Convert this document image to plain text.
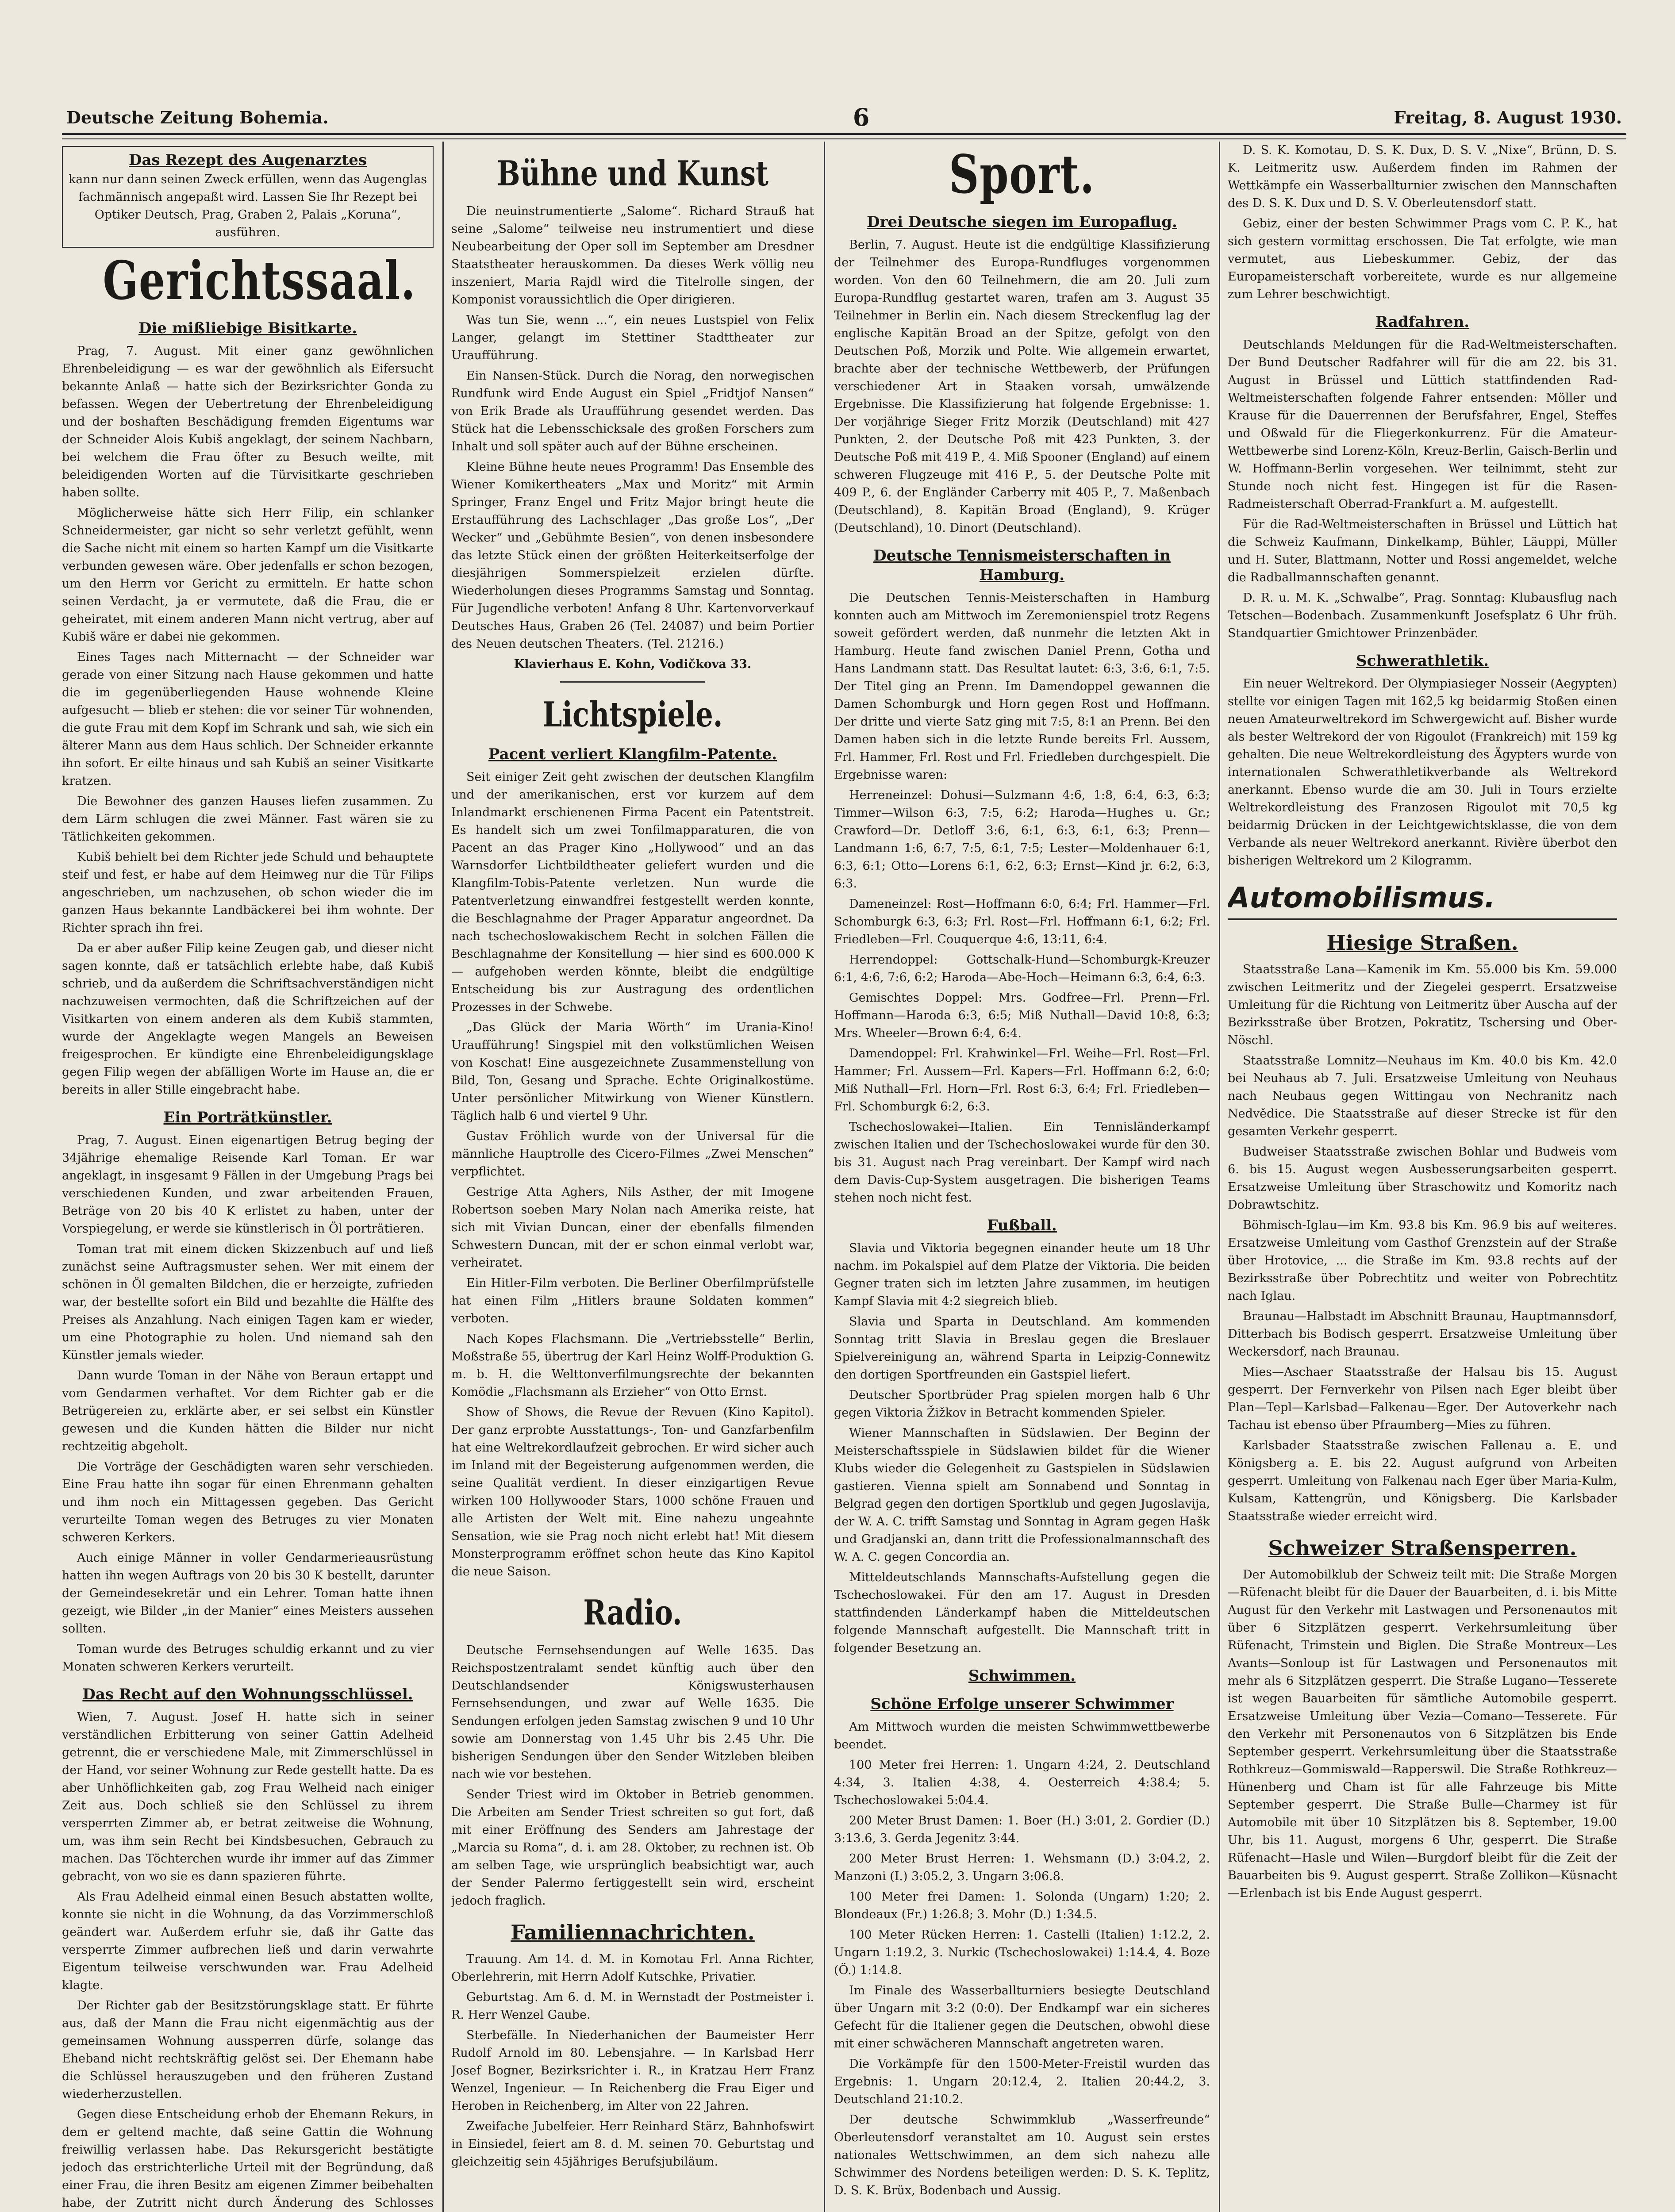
Deutsche Zeitung Bohemia.	6	Freitag, 8. August 1930.
Das Rezept des Augenarztes

kann nur dann seinen Zweck erfüllen, wenn das Augenglas fachmännisch angepaßt wird. Lassen Sie Ihr Rezept bei Optiker Deutsch, Prag, Graben 2, Palais „Koruna“, ausführen.

Gerichtssaal.
Die mißliebige Bisitkarte.

Prag, 7. August. Mit einer ganz gewöhnlichen Ehrenbeleidigung — es war der gewöhnlich als Eifersucht bekannte Anlaß — hatte sich der Bezirksrichter Gonda zu befassen. Wegen der Uebertretung der Ehrenbeleidigung und der boshaften Beschädigung fremden Eigentums war der Schneider Alois Kubiš angeklagt, der seinem Nachbarn, bei welchem die Frau öfter zu Besuch weilte, mit beleidigenden Worten auf die Türvisitkarte geschrieben haben sollte.

Möglicherweise hätte sich Herr Filip, ein schlanker Schneidermeister, gar nicht so sehr verletzt gefühlt, wenn die Sache nicht mit einem so harten Kampf um die Visitkarte verbunden gewesen wäre. Ober jedenfalls er schon bezogen, um den Herrn vor Gericht zu ermitteln. Er hatte schon seinen Verdacht, ja er vermutete, daß die Frau, die er geheiratet, mit einem anderen Mann nicht vertrug, aber auf Kubiš wäre er dabei nie gekommen.

Eines Tages nach Mitternacht — der Schneider war gerade von einer Sitzung nach Hause gekommen und hatte die im gegenüberliegenden Hause wohnende Kleine aufgesucht — blieb er stehen: die vor seiner Tür wohnenden, die gute Frau mit dem Kopf im Schrank und sah, wie sich ein älterer Mann aus dem Haus schlich. Der Schneider erkannte ihn sofort. Er eilte hinaus und sah Kubiš an seiner Visitkarte kratzen.

Die Bewohner des ganzen Hauses liefen zusammen. Zu dem Lärm schlugen die zwei Männer. Fast wären sie zu Tätlichkeiten gekommen.

Kubiš behielt bei dem Richter jede Schuld und behauptete steif und fest, er habe auf dem Heimweg nur die Tür Filips angeschrieben, um nachzusehen, ob schon wieder die im ganzen Haus bekannte Landbäckerei bei ihm wohnte. Der Richter sprach ihn frei.

Da er aber außer Filip keine Zeugen gab, und dieser nicht sagen konnte, daß er tatsächlich erlebte habe, daß Kubiš schrieb, und da außerdem die Schriftsachverständigen nicht nachzuweisen vermochten, daß die Schriftzeichen auf der Visitkarten von einem anderen als dem Kubiš stammten, wurde der Angeklagte wegen Mangels an Beweisen freigesprochen. Er kündigte eine Ehrenbeleidigungsklage gegen Filip wegen der abfälligen Worte im Hause an, die er bereits in aller Stille eingebracht habe.

Ein Porträtkünstler.

Prag, 7. August. Einen eigenartigen Betrug beging der 34jährige ehemalige Reisende Karl Toman. Er war angeklagt, in insgesamt 9 Fällen in der Umgebung Prags bei verschiedenen Kunden, und zwar arbeitenden Frauen, Beträge von 20 bis 40 K erlistet zu haben, unter der Vorspiegelung, er werde sie künstlerisch in Öl porträtieren.

Toman trat mit einem dicken Skizzenbuch auf und ließ zunächst seine Auftragsmuster sehen. Wer mit einem der schönen in Öl gemalten Bildchen, die er herzeigte, zufrieden war, der bestellte sofort ein Bild und bezahlte die Hälfte des Preises als Anzahlung. Nach einigen Tagen kam er wieder, um eine Photographie zu holen. Und niemand sah den Künstler jemals wieder.

Dann wurde Toman in der Nähe von Beraun ertappt und vom Gendarmen verhaftet. Vor dem Richter gab er die Betrügereien zu, erklärte aber, er sei selbst ein Künstler gewesen und die Kunden hätten die Bilder nur nicht rechtzeitig abgeholt.

Die Vorträge der Geschädigten waren sehr verschieden. Eine Frau hatte ihn sogar für einen Ehrenmann gehalten und ihm noch ein Mittagessen gegeben. Das Gericht verurteilte Toman wegen des Betruges zu vier Monaten schweren Kerkers.

Auch einige Männer in voller Gendarmerieausrüstung hatten ihn wegen Auftrags von 20 bis 30 K bestellt, darunter der Gemeindesekretär und ein Lehrer. Toman hatte ihnen gezeigt, wie Bilder „in der Manier“ eines Meisters aussehen sollten.

Toman wurde des Betruges schuldig erkannt und zu vier Monaten schweren Kerkers verurteilt.

Das Recht auf den Wohnungsschlüssel.

Wien, 7. August. Josef H. hatte sich in seiner verständlichen Erbitterung von seiner Gattin Adelheid getrennt, die er verschiedene Male, mit Zimmerschlüssel in der Hand, vor seiner Wohnung zur Rede gestellt hatte. Da es aber Unhöflichkeiten gab, zog Frau Welheid nach einiger Zeit aus. Doch schließ sie den Schlüssel zu ihrem versperrten Zimmer ab, er betrat zeitweise die Wohnung, um, was ihm sein Recht bei Kindsbesuchen, Gebrauch zu machen. Das Töchterchen wurde ihr immer auf das Zimmer gebracht, von wo sie es dann spazieren führte.

Als Frau Adelheid einmal einen Besuch abstatten wollte, konnte sie nicht in die Wohnung, da das Vorzimmerschloß geändert war. Außerdem erfuhr sie, daß ihr Gatte das versperrte Zimmer aufbrechen ließ und darin verwahrte Eigentum teilweise verschwunden war. Frau Adelheid klagte.

Der Richter gab der Besitzstörungsklage statt. Er führte aus, daß der Mann die Frau nicht eigenmächtig aus der gemeinsamen Wohnung aussperren dürfe, solange das Eheband nicht rechtskräftig gelöst sei. Der Ehemann habe die Schlüssel herauszugeben und den früheren Zustand wiederherzustellen.

Gegen diese Entscheidung erhob der Ehemann Rekurs, in dem er geltend machte, daß seine Gattin die Wohnung freiwillig verlassen habe. Das Rekursgericht bestätigte jedoch das erstrichterliche Urteil mit der Begründung, daß einer Frau, die ihren Besitz am eigenen Zimmer beibehalten habe, der Zutritt nicht durch Änderung des Schlosses

Bühne und Kunst

Die neuinstrumentierte „Salome“. Richard Strauß hat seine „Salome“ teilweise neu instrumentiert und diese Neubearbeitung der Oper soll im September am Dresdner Staatstheater herauskommen. Da dieses Werk völlig neu inszeniert, Maria Rajdl wird die Titelrolle singen, der Komponist voraussichtlich die Oper dirigieren.

Was tun Sie, wenn ...“, ein neues Lustspiel von Felix Langer, gelangt im Stettiner Stadttheater zur Uraufführung.

Ein Nansen-Stück. Durch die Norag, den norwegischen Rundfunk wird Ende August ein Spiel „Fridtjof Nansen“ von Erik Brade als Uraufführung gesendet werden. Das Stück hat die Lebensschicksale des großen Forschers zum Inhalt und soll später auch auf der Bühne erscheinen.

Kleine Bühne heute neues Programm! Das Ensemble des Wiener Komikertheaters „Max und Moritz“ mit Armin Springer, Franz Engel und Fritz Major bringt heute die Erstaufführung des Lachschlager „Das große Los“, „Der Wecker“ und „Gebühmte Besien“, von denen insbesondere das letzte Stück einen der größten Heiterkeitserfolge der diesjährigen Sommerspielzeit erzielen dürfte. Wiederholungen dieses Programms Samstag und Sonntag. Für Jugendliche verboten! Anfang 8 Uhr. Kartenvorverkauf Deutsches Haus, Graben 26 (Tel. 24087) und beim Portier des Neuen deutschen Theaters. (Tel. 21216.)

Klavierhaus E. Kohn, Vodičkova 33.

Lichtspiele.
Pacent verliert Klangfilm-Patente.

Seit einiger Zeit geht zwischen der deutschen Klangfilm und der amerikanischen, erst vor kurzem auf dem Inlandmarkt erschienenen Firma Pacent ein Patentstreit. Es handelt sich um zwei Tonfilmapparaturen, die von Pacent an das Prager Kino „Hollywood“ und an das Warnsdorfer Lichtbildtheater geliefert wurden und die Klangfilm-Tobis-Patente verletzen. Nun wurde die Patentverletzung einwandfrei festgestellt werden konnte, die Beschlagnahme der Prager Apparatur angeordnet. Da nach tschechoslowakischem Recht in solchen Fällen die Beschlagnahme der Konsitellung — hier sind es 600.000 K — aufgehoben werden könnte, bleibt die endgültige Entscheidung bis zur Austragung des ordentlichen Prozesses in der Schwebe.

„Das Glück der Maria Wörth“ im Urania-Kino! Uraufführung! Singspiel mit den volkstümlichen Weisen von Koschat! Eine ausgezeichnete Zusammenstellung von Bild, Ton, Gesang und Sprache. Echte Originalkostüme. Unter persönlicher Mitwirkung von Wiener Künstlern. Täglich halb 6 und viertel 9 Uhr.

Gustav Fröhlich wurde von der Universal für die männliche Hauptrolle des Cicero-Filmes „Zwei Menschen“ verpflichtet.

Gestrige Atta Aghers, Nils Asther, der mit Imogene Robertson soeben Mary Nolan nach Amerika reiste, hat sich mit Vivian Duncan, einer der ebenfalls filmenden Schwestern Duncan, mit der er schon einmal verlobt war, verheiratet.

Ein Hitler-Film verboten. Die Berliner Oberfilmprüfstelle hat einen Film „Hitlers braune Soldaten kommen“ verboten.

Nach Kopes Flachsmann. Die „Vertriebsstelle“ Berlin, Moßstraße 55, übertrug der Karl Heinz Wolff-Produktion G. m. b. H. die Welttonverfilmungsrechte der bekannten Komödie „Flachsmann als Erzieher“ von Otto Ernst.

Show of Shows, die Revue der Revuen (Kino Kapitol). Der ganz erprobte Ausstattungs-, Ton- und Ganzfarbenfilm hat eine Weltrekordlaufzeit gebrochen. Er wird sicher auch im Inland mit der Begeisterung aufgenommen werden, die seine Qualität verdient. In dieser einzigartigen Revue wirken 100 Hollywooder Stars, 1000 schöne Frauen und alle Artisten der Welt mit. Eine nahezu ungeahnte Sensation, wie sie Prag noch nicht erlebt hat! Mit diesem Monsterprogramm eröffnet schon heute das Kino Kapitol die neue Saison.

Radio.

Deutsche Fernsehsendungen auf Welle 1635. Das Reichspostzentralamt sendet künftig auch über den Deutschlandsender Königswusterhausen Fernsehsendungen, und zwar auf Welle 1635. Die Sendungen erfolgen jeden Samstag zwischen 9 und 10 Uhr sowie am Donnerstag von 1.45 Uhr bis 2.45 Uhr. Die bisherigen Sendungen über den Sender Witzleben bleiben nach wie vor bestehen.

Sender Triest wird im Oktober in Betrieb genommen. Die Arbeiten am Sender Triest schreiten so gut fort, daß mit einer Eröffnung des Senders am Jahrestage der „Marcia su Roma“, d. i. am 28. Oktober, zu rechnen ist. Ob am selben Tage, wie ursprünglich beabsichtigt war, auch der Sender Palermo fertiggestellt sein wird, erscheint jedoch fraglich.

Familiennachrichten.

Trauung. Am 14. d. M. in Komotau Frl. Anna Richter, Oberlehrerin, mit Herrn Adolf Kutschke, Privatier.

Geburtstag. Am 6. d. M. in Wernstadt der Postmeister i. R. Herr Wenzel Gaube.

Sterbefälle. In Niederhanichen der Baumeister Herr Rudolf Arnold im 80. Lebensjahre. — In Karlsbad Herr Josef Bogner, Bezirksrichter i. R., in Kratzau Herr Franz Wenzel, Ingenieur. — In Reichenberg die Frau Eiger und Heroben in Reichenberg, im Alter von 22 Jahren.

Zweifache Jubelfeier. Herr Reinhard Stärz, Bahnhofswirt in Einsiedel, feiert am 8. d. M. seinen 70. Geburtstag und gleichzeitig sein 45jähriges Berufsjubiläum.

Sport.
Drei Deutsche siegen im Europaflug.

Berlin, 7. August. Heute ist die endgültige Klassifizierung der Teilnehmer des Europa-Rundfluges vorgenommen worden. Von den 60 Teilnehmern, die am 20. Juli zum Europa-Rundflug gestartet waren, trafen am 3. August 35 Teilnehmer in Berlin ein. Nach diesem Streckenflug lag der englische Kapitän Broad an der Spitze, gefolgt von den Deutschen Poß, Morzik und Polte. Wie allgemein erwartet, brachte aber der technische Wettbewerb, der Prüfungen verschiedener Art in Staaken vorsah, umwälzende Ergebnisse. Die Klassifizierung hat folgende Ergebnisse: 1. Der vorjährige Sieger Fritz Morzik (Deutschland) mit 427 Punkten, 2. der Deutsche Poß mit 423 Punkten, 3. der Deutsche Poß mit 419 P., 4. Miß Spooner (England) auf einem schweren Flugzeuge mit 416 P., 5. der Deutsche Polte mit 409 P., 6. der Engländer Carberry mit 405 P., 7. Maßenbach (Deutschland), 8. Kapitän Broad (England), 9. Krüger (Deutschland), 10. Dinort (Deutschland).

Deutsche Tennismeisterschaften in Hamburg.

Die Deutschen Tennis-Meisterschaften in Hamburg konnten auch am Mittwoch im Zeremonienspiel trotz Regens soweit gefördert werden, daß nunmehr die letzten Akt in Hamburg. Heute fand zwischen Daniel Prenn, Gotha und Hans Landmann statt. Das Resultat lautet: 6:3, 3:6, 6:1, 7:5. Der Titel ging an Prenn. Im Damendoppel gewannen die Damen Schomburgk und Horn gegen Rost und Hoffmann. Der dritte und vierte Satz ging mit 7:5, 8:1 an Prenn. Bei den Damen haben sich in die letzte Runde bereits Frl. Aussem, Frl. Hammer, Frl. Rost und Frl. Friedleben durchgespielt. Die Ergebnisse waren:

Herreneinzel: Dohusi—Sulzmann 4:6, 1:8, 6:4, 6:3, 6:3; Timmer—Wilson 6:3, 7:5, 6:2; Haroda—Hughes u. Gr.; Crawford—Dr. Detloff 3:6, 6:1, 6:3, 6:1, 6:3; Prenn—Landmann 1:6, 6:7, 7:5, 6:1, 7:5; Lester—Moldenhauer 6:1, 6:3, 6:1; Otto—Lorens 6:1, 6:2, 6:3; Ernst—Kind jr. 6:2, 6:3, 6:3.

Dameneinzel: Rost—Hoffmann 6:0, 6:4; Frl. Hammer—Frl. Schomburgk 6:3, 6:3; Frl. Rost—Frl. Hoffmann 6:1, 6:2; Frl. Friedleben—Frl. Couquerque 4:6, 13:11, 6:4.

Herrendoppel: Gottschalk-Hund—Schomburgk-Kreuzer 6:1, 4:6, 7:6, 6:2; Haroda—Abe-Hoch—Heimann 6:3, 6:4, 6:3.

Gemischtes Doppel: Mrs. Godfree—Frl. Prenn—Frl. Hoffmann—Haroda 6:3, 6:5; Miß Nuthall—David 10:8, 6:3; Mrs. Wheeler—Brown 6:4, 6:4.

Damendoppel: Frl. Krahwinkel—Frl. Weihe—Frl. Rost—Frl. Hammer; Frl. Aussem—Frl. Kapers—Frl. Hoffmann 6:2, 6:0; Miß Nuthall—Frl. Horn—Frl. Rost 6:3, 6:4; Frl. Friedleben—Frl. Schomburgk 6:2, 6:3.

Tschechoslowakei—Italien. Ein Tennisländerkampf zwischen Italien und der Tschechoslowakei wurde für den 30. bis 31. August nach Prag vereinbart. Der Kampf wird nach dem Davis-Cup-System ausgetragen. Die bisherigen Teams stehen noch nicht fest.

Fußball.

Slavia und Viktoria begegnen einander heute um 18 Uhr nachm. im Pokalspiel auf dem Platze der Viktoria. Die beiden Gegner traten sich im letzten Jahre zusammen, im heutigen Kampf Slavia mit 4:2 siegreich blieb.

Slavia und Sparta in Deutschland. Am kommenden Sonntag tritt Slavia in Breslau gegen die Breslauer Spielvereinigung an, während Sparta in Leipzig-Connewitz den dortigen Sportfreunden ein Gastspiel liefert.

Deutscher Sportbrüder Prag spielen morgen halb 6 Uhr gegen Viktoria Žižkov in Betracht kommenden Spieler.

Wiener Mannschaften in Südslawien. Der Beginn der Meisterschaftsspiele in Südslawien bildet für die Wiener Klubs wieder die Gelegenheit zu Gastspielen in Südslawien gastieren. Vienna spielt am Sonnabend und Sonntag in Belgrad gegen den dortigen Sportklub und gegen Jugoslavija, der W. A. C. trifft Samstag und Sonntag in Agram gegen Hašk und Gradjanski an, dann tritt die Professionalmannschaft des W. A. C. gegen Concordia an.

Mitteldeutschlands Mannschafts-Aufstellung gegen die Tschechoslowakei. Für den am 17. August in Dresden stattfindenden Länderkampf haben die Mitteldeutschen folgende Mannschaft aufgestellt. Die Mannschaft tritt in folgender Besetzung an.

Schwimmen.
Schöne Erfolge unserer Schwimmer

Am Mittwoch wurden die meisten Schwimmwettbewerbe beendet.

100 Meter frei Herren: 1. Ungarn 4:24, 2. Deutschland 4:34, 3. Italien 4:38, 4. Oesterreich 4:38.4; 5. Tschechoslowakei 5:04.4.

200 Meter Brust Damen: 1. Boer (H.) 3:01, 2. Gordier (D.) 3:13.6, 3. Gerda Jegenitz 3:44.

200 Meter Brust Herren: 1. Wehsmann (D.) 3:04.2, 2. Manzoni (I.) 3:05.2, 3. Ungarn 3:06.8.

100 Meter frei Damen: 1. Solonda (Ungarn) 1:20; 2. Blondeaux (Fr.) 1:26.8; 3. Mohr (D.) 1:34.5.

100 Meter Rücken Herren: 1. Castelli (Italien) 1:12.2, 2. Ungarn 1:19.2, 3. Nurkic (Tschechoslowakei) 1:14.4, 4. Boze (Ö.) 1:14.8.

Im Finale des Wasserballturniers besiegte Deutschland über Ungarn mit 3:2 (0:0). Der Endkampf war ein sicheres Gefecht für die Italiener gegen die Deutschen, obwohl diese mit einer schwächeren Mannschaft angetreten waren.

Die Vorkämpfe für den 1500-Meter-Freistil wurden das Ergebnis: 1. Ungarn 20:12.4, 2. Italien 20:44.2, 3. Deutschland 21:10.2.

Der deutsche Schwimmklub „Wasserfreunde“ Oberleutensdorf veranstaltet am 10. August sein erstes nationales Wettschwimmen, an dem sich nahezu alle Schwimmer des Nordens beteiligen werden: D. S. K. Teplitz, D. S. K. Brüx, Bodenbach und Aussig.

D. S. K. Komotau, D. S. K. Dux, D. S. V. „Nixe“, Brünn, D. S. K. Leitmeritz usw. Außerdem finden im Rahmen der Wettkämpfe ein Wasserballturnier zwischen den Mannschaften des D. S. K. Dux und D. S. V. Oberleutensdorf statt.

Gebiz, einer der besten Schwimmer Prags vom C. P. K., hat sich gestern vormittag erschossen. Die Tat erfolgte, wie man vermutet, aus Liebeskummer. Gebiz, der das Europameisterschaft vorbereitete, wurde es nur allgemeine zum Lehrer beschwichtigt.

Radfahren.

Deutschlands Meldungen für die Rad-Weltmeisterschaften. Der Bund Deutscher Radfahrer will für die am 22. bis 31. August in Brüssel und Lüttich stattfindenden Rad-Weltmeisterschaften folgende Fahrer entsenden: Möller und Krause für die Dauerrennen der Berufsfahrer, Engel, Steffes und Oßwald für die Fliegerkonkurrenz. Für die Amateur-Wettbewerbe sind Lorenz-Köln, Kreuz-Berlin, Gaisch-Berlin und W. Hoffmann-Berlin vorgesehen. Wer teilnimmt, steht zur Stunde noch nicht fest. Hingegen ist für die Rasen-Radmeisterschaft Oberrad-Frankfurt a. M. aufgestellt.

Für die Rad-Weltmeisterschaften in Brüssel und Lüttich hat die Schweiz Kaufmann, Dinkelkamp, Bühler, Läuppi, Müller und H. Suter, Blattmann, Notter und Rossi angemeldet, welche die Radballmannschaften genannt.

D. R. u. M. K. „Schwalbe“, Prag. Sonntag: Klubausflug nach Tetschen—Bodenbach. Zusammenkunft Josefsplatz 6 Uhr früh. Standquartier Gmichtower Prinzenbäder.

Schwerathletik.

Ein neuer Weltrekord. Der Olympiasieger Nosseir (Aegypten) stellte vor einigen Tagen mit 162,5 kg beidarmig Stoßen einen neuen Amateurweltrekord im Schwergewicht auf. Bisher wurde als bester Weltrekord der von Rigoulot (Frankreich) mit 159 kg gehalten. Die neue Weltrekordleistung des Ägypters wurde von internationalen Schwerathletikverbande als Weltrekord anerkannt. Ebenso wurde die am 30. Juli in Tours erzielte Weltrekordleistung des Franzosen Rigoulot mit 70,5 kg beidarmig Drücken in der Leichtgewichtsklasse, die von dem Verbande als neuer Weltrekord anerkannt. Rivière überbot den bisherigen Weltrekord um 2 Kilogramm.

Automobilismus.
Hiesige Straßen.

Staatsstraße Lana—Kamenik im Km. 55.000 bis Km. 59.000 zwischen Leitmeritz und der Ziegelei gesperrt. Ersatzweise Umleitung für die Richtung von Leitmeritz über Auscha auf der Bezirksstraße über Brotzen, Pokratitz, Tschersing und Ober-Nöschl.

Staatsstraße Lomnitz—Neuhaus im Km. 40.0 bis Km. 42.0 bei Neuhaus ab 7. Juli. Ersatzweise Umleitung von Neuhaus nach Neubaus gegen Wittingau von Nechranitz nach Nedvědice. Die Staatsstraße auf dieser Strecke ist für den gesamten Verkehr gesperrt.

Budweiser Staatsstraße zwischen Bohlar und Budweis vom 6. bis 15. August wegen Ausbesserungsarbeiten gesperrt. Ersatzweise Umleitung über Straschowitz und Komoritz nach Dobrawtschitz.

Böhmisch-Iglau—im Km. 93.8 bis Km. 96.9 bis auf weiteres. Ersatzweise Umleitung vom Gasthof Grenzstein auf der Straße über Hrotovice, ... die Straße im Km. 93.8 rechts auf der Bezirksstraße über Pobrechtitz und weiter von Pobrechtitz nach Iglau.

Braunau—Halbstadt im Abschnitt Braunau, Hauptmannsdorf, Ditterbach bis Bodisch gesperrt. Ersatzweise Umleitung über Weckersdorf, nach Braunau.

Mies—Aschaer Staatsstraße der Halsau bis 15. August gesperrt. Der Fernverkehr von Pilsen nach Eger bleibt über Plan—Tepl—Karlsbad—Falkenau—Eger. Der Autoverkehr nach Tachau ist ebenso über Pfraumberg—Mies zu führen.

Karlsbader Staatsstraße zwischen Fallenau a. E. und Königsberg a. E. bis 22. August aufgrund von Arbeiten gesperrt. Umleitung von Falkenau nach Eger über Maria-Kulm, Kulsam, Kattengrün, und Königsberg. Die Karlsbader Staatsstraße wieder erreicht wird.

Schweizer Straßensperren.

Der Automobilklub der Schweiz teilt mit: Die Straße Morgen—Rüfenacht bleibt für die Dauer der Bauarbeiten, d. i. bis Mitte August für den Verkehr mit Lastwagen und Personenautos mit über 6 Sitzplätzen gesperrt. Verkehrsumleitung über Rüfenacht, Trimstein und Biglen. Die Straße Montreux—Les Avants—Sonloup ist für Lastwagen und Personenautos mit mehr als 6 Sitzplätzen gesperrt. Die Straße Lugano—Tesserete ist wegen Bauarbeiten für sämtliche Automobile gesperrt. Ersatzweise Umleitung über Vezia—Comano—Tesserete. Für den Verkehr mit Personenautos von 6 Sitzplätzen bis Ende September gesperrt. Verkehrsumleitung über die Staatsstraße Rothkreuz—Gommiswald—Rapperswil. Die Straße Rothkreuz—Hünenberg und Cham ist für alle Fahrzeuge bis Mitte September gesperrt. Die Straße Bulle—Charmey ist für Automobile mit über 10 Sitzplätzen bis 8. September, 19.00 Uhr, bis 11. August, morgens 6 Uhr, gesperrt. Die Straße Rüfenacht—Hasle und Wilen—Burgdorf bleibt für die Zeit der Bauarbeiten bis 9. August gesperrt. Straße Zollikon—Küsnacht—Erlenbach ist bis Ende August gesperrt.
